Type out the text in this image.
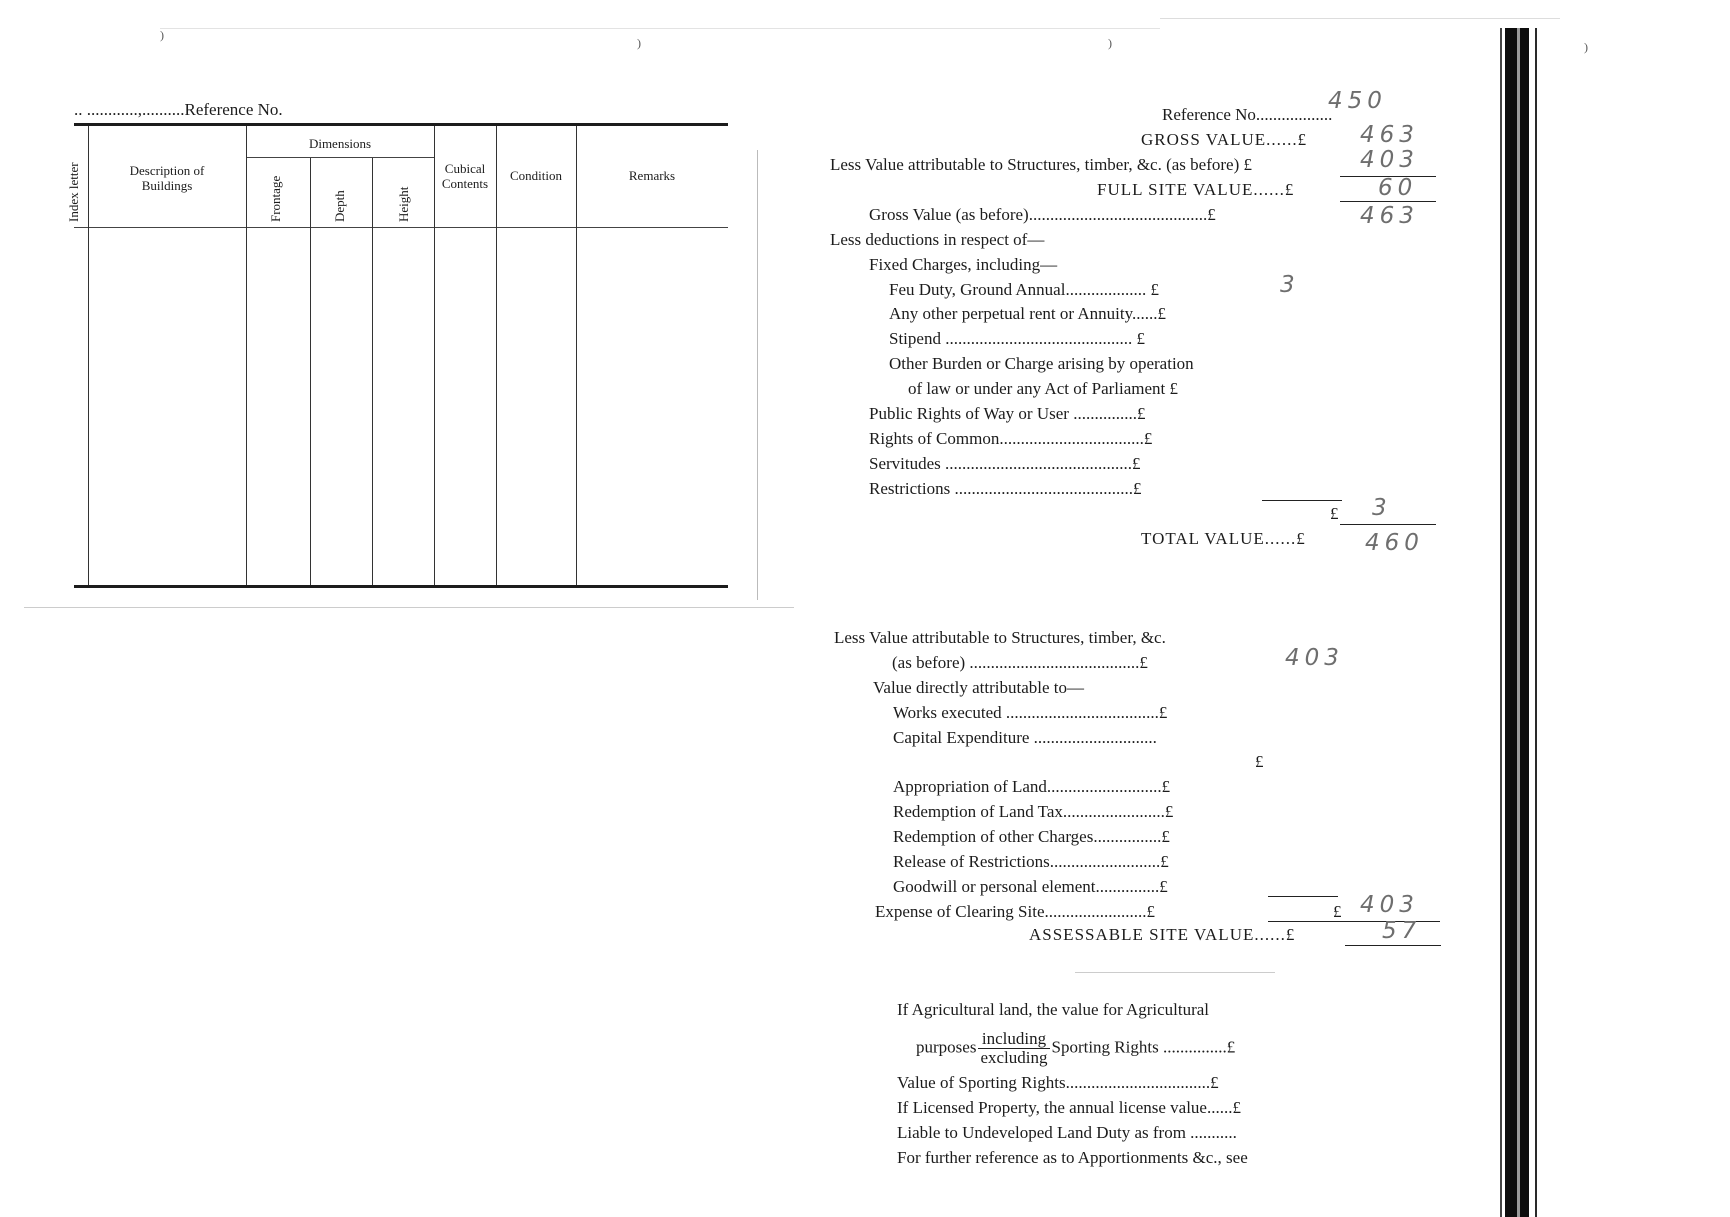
)
)	)	)
.. ............,..........Reference No.
Index letter	Description of Buildings
Dimensions
Frontage	Depth	Height
Cubical Contents
Condition	Remarks
Reference No..................
450
GROSS VALUE......£ 463
Less Value attributable to Structures, timber, &c. (as before) £	403
FULL SITE VALUE......£	60
Gross Value (as before)..........................................£	463
Less deductions in respect of—
Fixed Charges, including—
Feu Duty, Ground Annual................... £	3
Any other perpetual rent or Annuity......£
Stipend ............................................ £
Other Burden or Charge arising by operation
of law or under any Act of Parliament £
Public Rights of Way or User ...............£
Rights of Common..................................£
Servitudes ............................................£
Restrictions ..........................................£
£ 3
TOTAL VALUE......£	460
Less Value attributable to Structures, timber, &c.
(as before) ........................................£	403
Value directly attributable to—
Works executed ....................................£
Capital Expenditure .............................
£
Appropriation of Land...........................£
Redemption of Land Tax........................£
Redemption of other Charges................£
Release of Restrictions..........................£
Goodwill or personal element...............£
Expense of Clearing Site........................£	£ 403
ASSESSABLE SITE VALUE......£	57
If Agricultural land, the value for Agricultural
purposes $\frac{\text{including}}{\text{excluding}}$ Sporting Rights ...............£
Value of Sporting Rights..................................£
If Licensed Property, the annual license value......£
Liable to Undeveloped Land Duty as from ...........
For further reference as to Apportionments &c., see
